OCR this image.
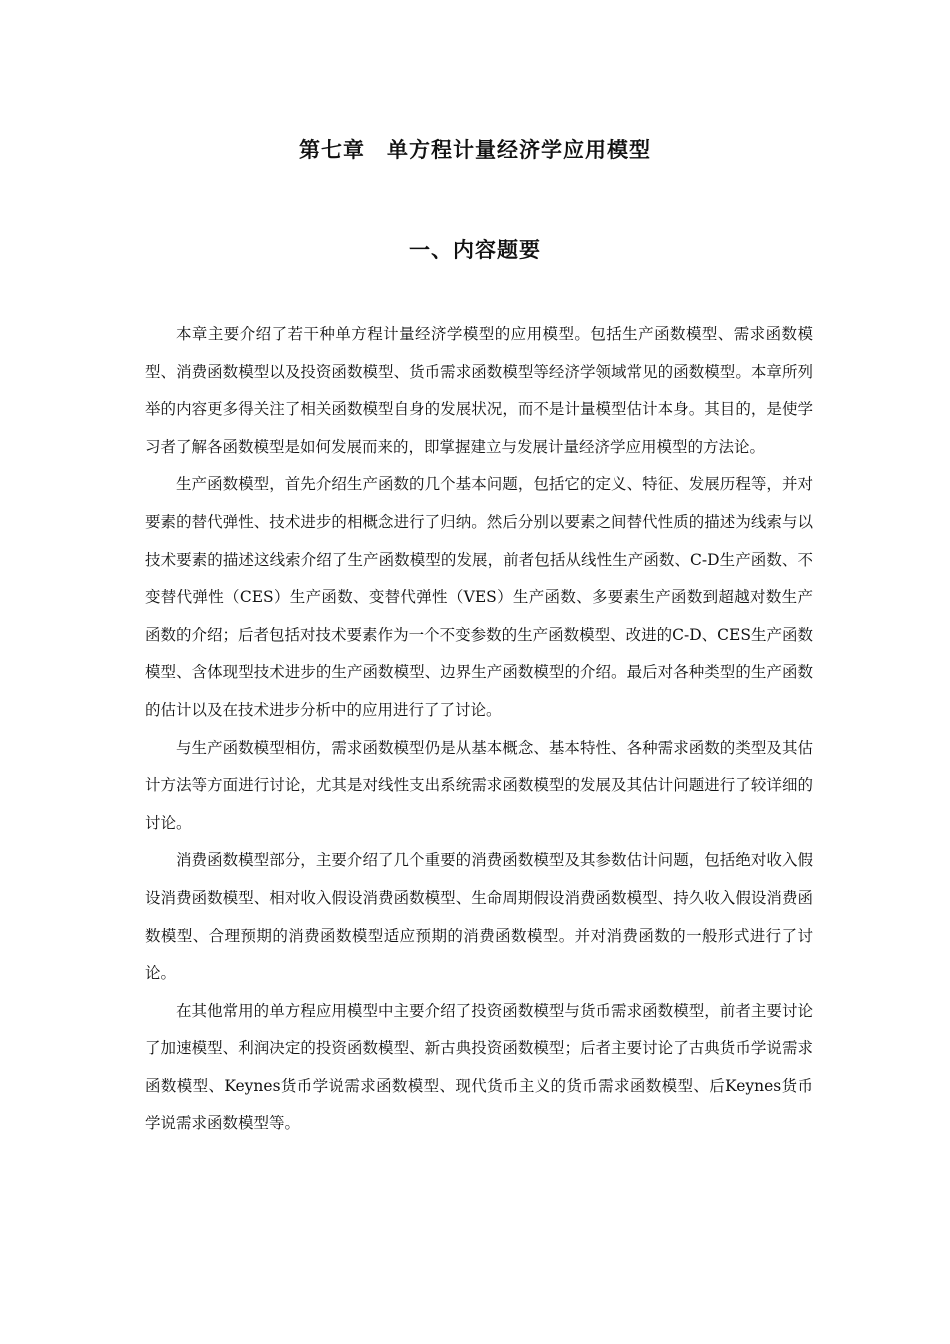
第七章 单方程计量经济学应用模型
一、内容题要

本章主要介绍了若干种单方程计量经济学模型的应用模型。包括生产函数模型、需求函数模型、消费函数模型以及投资函数模型、货币需求函数模型等经济学领域常见的函数模型。本章所列举的内容更多得关注了相关函数模型自身的发展状况，而不是计量模型估计本身。其目的，是使学习者了解各函数模型是如何发展而来的，即掌握建立与发展计量经济学应用模型的方法论。

生产函数模型，首先介绍生产函数的几个基本问题，包括它的定义、特征、发展历程等，并对要素的替代弹性、技术进步的相概念进行了归纳。然后分别以要素之间替代性质的描述为线索与以技术要素的描述这线索介绍了生产函数模型的发展，前者包括从线性生产函数、C-D生产函数、不变替代弹性（CES）生产函数、变替代弹性（VES）生产函数、多要素生产函数到超越对数生产函数的介绍；后者包括对技术要素作为一个不变参数的生产函数模型、改进的C-D、CES生产函数模型、含体现型技术进步的生产函数模型、边界生产函数模型的介绍。最后对各种类型的生产函数的估计以及在技术进步分析中的应用进行了了讨论。

与生产函数模型相仿，需求函数模型仍是从基本概念、基本特性、各种需求函数的类型及其估计方法等方面进行讨论，尤其是对线性支出系统需求函数模型的发展及其估计问题进行了较详细的讨论。

消费函数模型部分，主要介绍了几个重要的消费函数模型及其参数估计问题，包括绝对收入假设消费函数模型、相对收入假设消费函数模型、生命周期假设消费函数模型、持久收入假设消费函数模型、合理预期的消费函数模型适应预期的消费函数模型。并对消费函数的一般形式进行了讨论。

在其他常用的单方程应用模型中主要介绍了投资函数模型与货币需求函数模型，前者主要讨论了加速模型、利润决定的投资函数模型、新古典投资函数模型；后者主要讨论了古典货币学说需求函数模型、Keynes货币学说需求函数模型、现代货币主义的货币需求函数模型、后Keynes货币学说需求函数模型等。
